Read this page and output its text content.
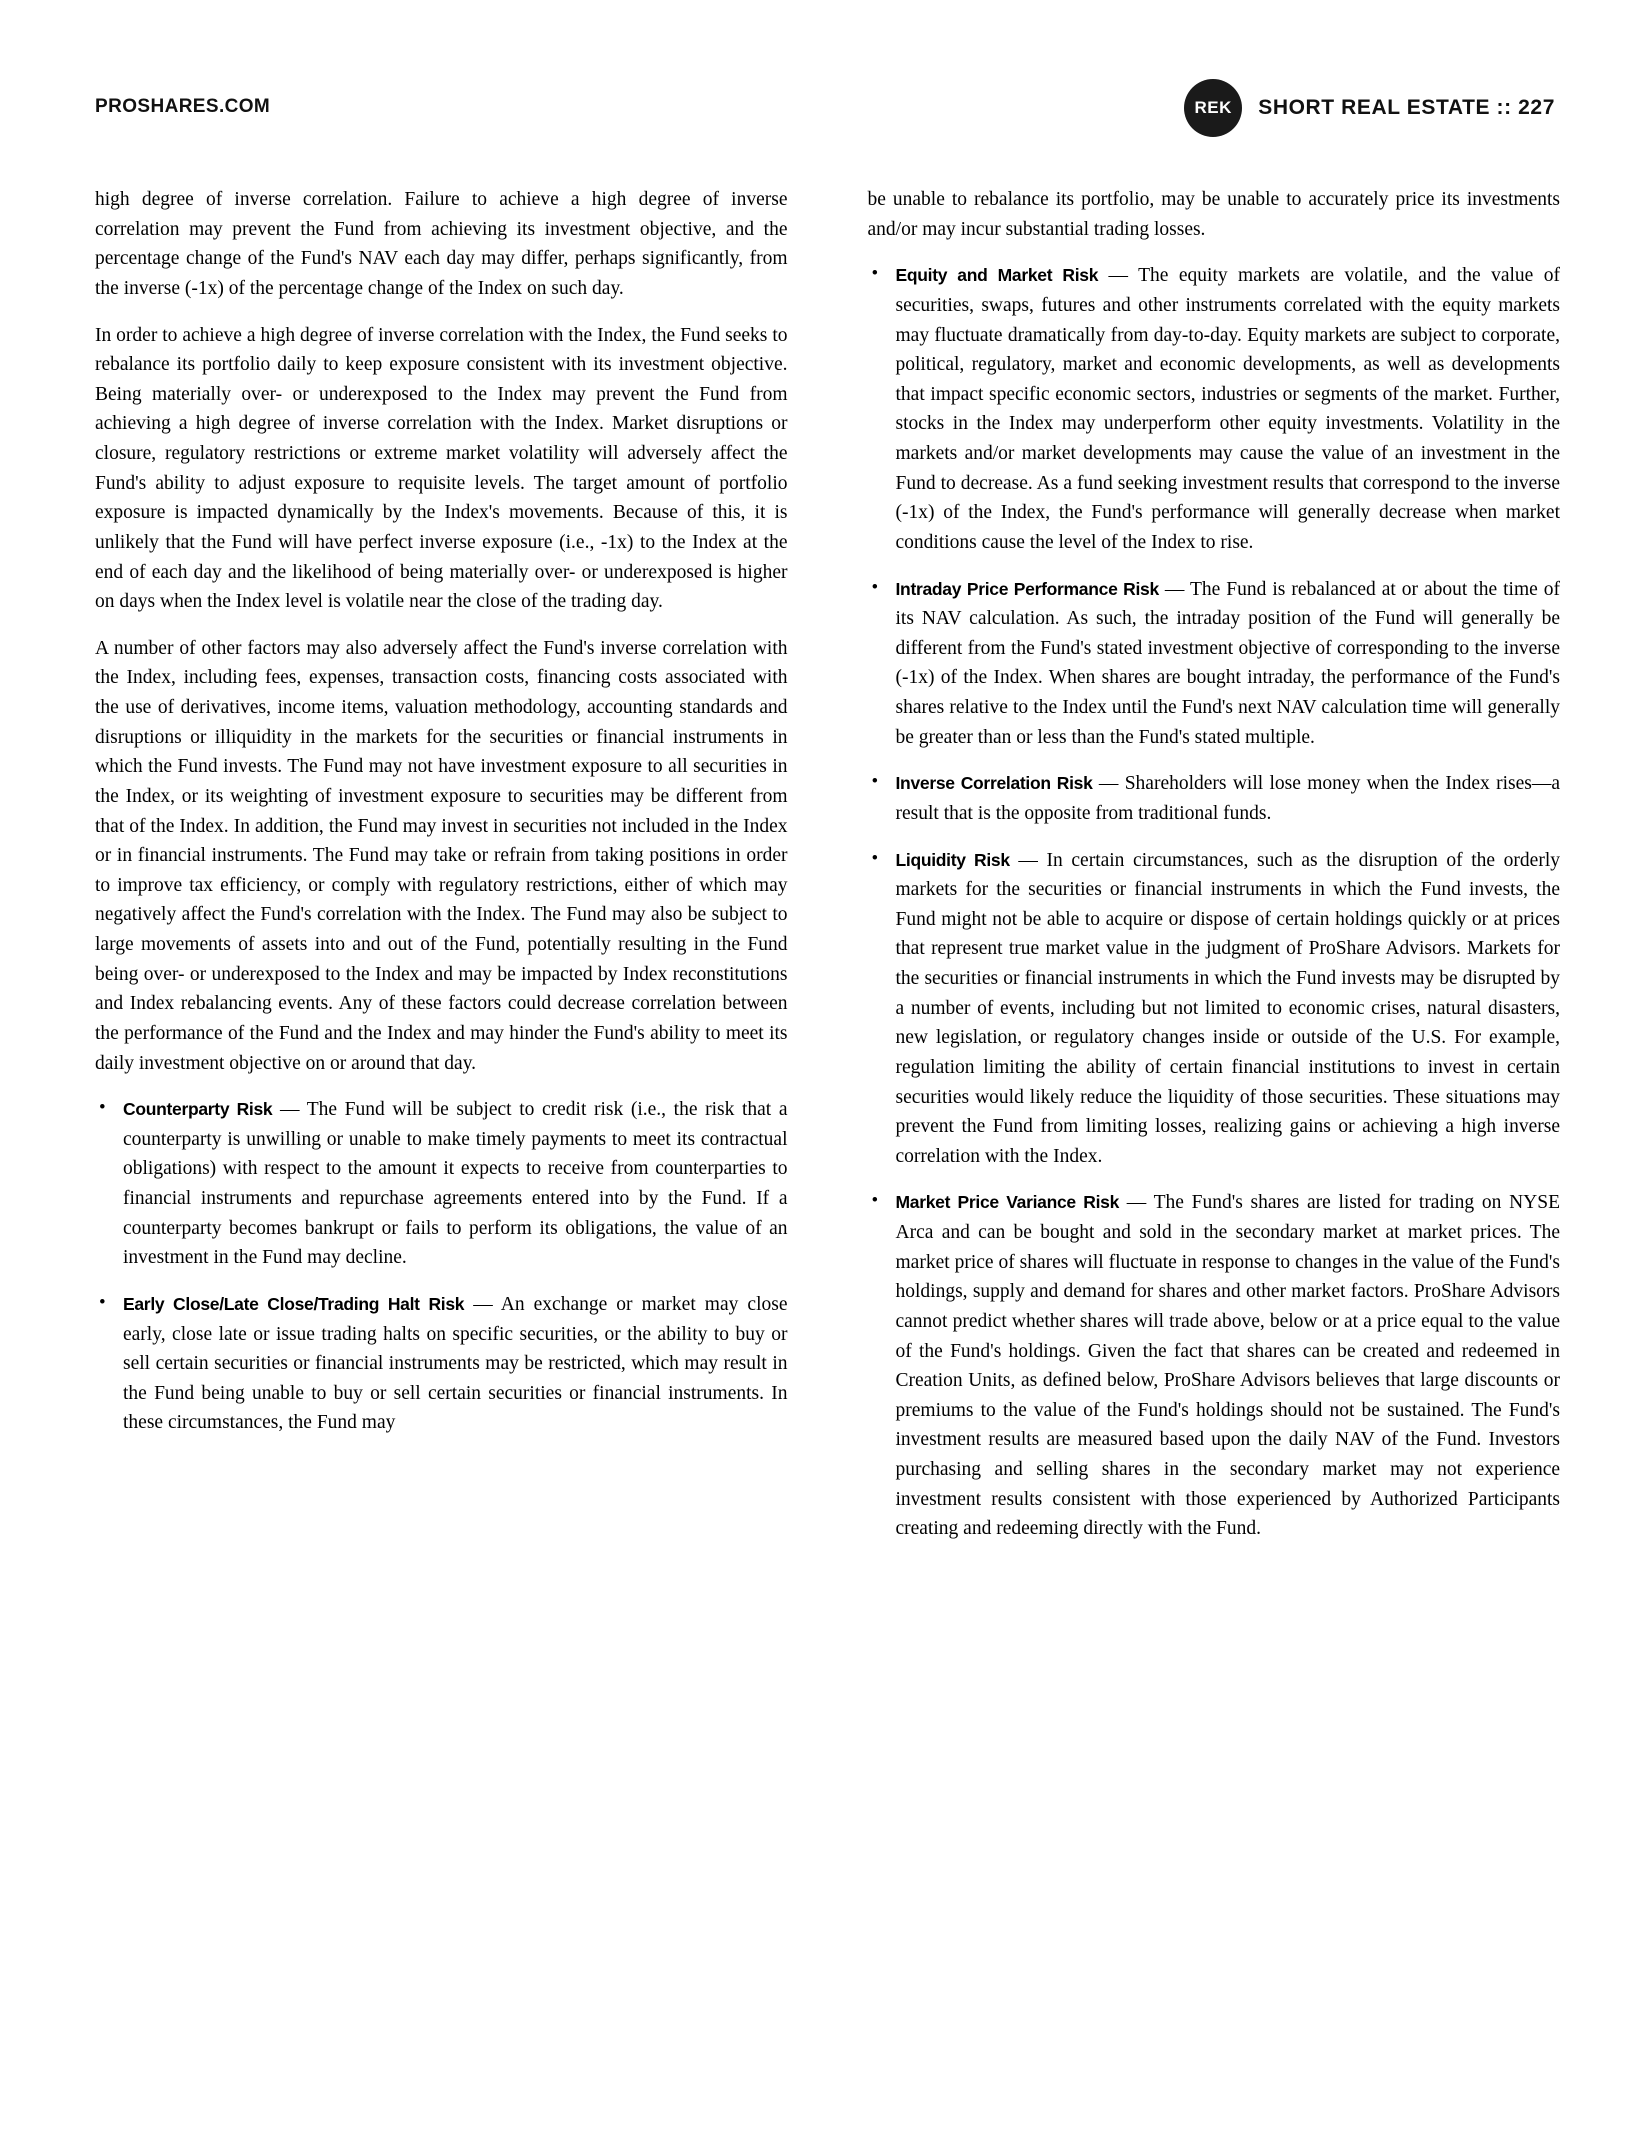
PROSHARES.COM	REK	SHORT REAL ESTATE :: 227

high degree of inverse correlation. Failure to achieve a high degree of inverse correlation may prevent the Fund from achieving its investment objective, and the percentage change of the Fund's NAV each day may differ, perhaps significantly, from the inverse (-1x) of the percentage change of the Index on such day.

In order to achieve a high degree of inverse correlation with the Index, the Fund seeks to rebalance its portfolio daily to keep exposure consistent with its investment objective. Being materially over- or underexposed to the Index may prevent the Fund from achieving a high degree of inverse correlation with the Index. Market disruptions or closure, regulatory restrictions or extreme market volatility will adversely affect the Fund's ability to adjust exposure to requisite levels. The target amount of portfolio exposure is impacted dynamically by the Index's movements. Because of this, it is unlikely that the Fund will have perfect inverse exposure (i.e., -1x) to the Index at the end of each day and the likelihood of being materially over- or underexposed is higher on days when the Index level is volatile near the close of the trading day.

A number of other factors may also adversely affect the Fund's inverse correlation with the Index, including fees, expenses, transaction costs, financing costs associated with the use of derivatives, income items, valuation methodology, accounting standards and disruptions or illiquidity in the markets for the securities or financial instruments in which the Fund invests. The Fund may not have investment exposure to all securities in the Index, or its weighting of investment exposure to securities may be different from that of the Index. In addition, the Fund may invest in securities not included in the Index or in financial instruments. The Fund may take or refrain from taking positions in order to improve tax efficiency, or comply with regulatory restrictions, either of which may negatively affect the Fund's correlation with the Index. The Fund may also be subject to large movements of assets into and out of the Fund, potentially resulting in the Fund being over- or underexposed to the Index and may be impacted by Index reconstitutions and Index rebalancing events. Any of these factors could decrease correlation between the performance of the Fund and the Index and may hinder the Fund's ability to meet its daily investment objective on or around that day.

• Counterparty Risk — The Fund will be subject to credit risk (i.e., the risk that a counterparty is unwilling or unable to make timely payments to meet its contractual obligations) with respect to the amount it expects to receive from counterparties to financial instruments and repurchase agreements entered into by the Fund. If a counterparty becomes bankrupt or fails to perform its obligations, the value of an investment in the Fund may decline.
• Early Close/Late Close/Trading Halt Risk — An exchange or market may close early, close late or issue trading halts on specific securities, or the ability to buy or sell certain securities or financial instruments may be restricted, which may result in the Fund being unable to buy or sell certain securities or financial instruments. In these circumstances, the Fund may

be unable to rebalance its portfolio, may be unable to accurately price its investments and/or may incur substantial trading losses.

• Equity and Market Risk — The equity markets are volatile, and the value of securities, swaps, futures and other instruments correlated with the equity markets may fluctuate dramatically from day-to-day. Equity markets are subject to corporate, political, regulatory, market and economic developments, as well as developments that impact specific economic sectors, industries or segments of the market. Further, stocks in the Index may underperform other equity investments. Volatility in the markets and/or market developments may cause the value of an investment in the Fund to decrease. As a fund seeking investment results that correspond to the inverse (-1x) of the Index, the Fund's performance will generally decrease when market conditions cause the level of the Index to rise.
• Intraday Price Performance Risk — The Fund is rebalanced at or about the time of its NAV calculation. As such, the intraday position of the Fund will generally be different from the Fund's stated investment objective of corresponding to the inverse (-1x) of the Index. When shares are bought intraday, the performance of the Fund's shares relative to the Index until the Fund's next NAV calculation time will generally be greater than or less than the Fund's stated multiple.
• Inverse Correlation Risk — Shareholders will lose money when the Index rises—a result that is the opposite from traditional funds.
• Liquidity Risk — In certain circumstances, such as the disruption of the orderly markets for the securities or financial instruments in which the Fund invests, the Fund might not be able to acquire or dispose of certain holdings quickly or at prices that represent true market value in the judgment of ProShare Advisors. Markets for the securities or financial instruments in which the Fund invests may be disrupted by a number of events, including but not limited to economic crises, natural disasters, new legislation, or regulatory changes inside or outside of the U.S. For example, regulation limiting the ability of certain financial institutions to invest in certain securities would likely reduce the liquidity of those securities. These situations may prevent the Fund from limiting losses, realizing gains or achieving a high inverse correlation with the Index.
• Market Price Variance Risk — The Fund's shares are listed for trading on NYSE Arca and can be bought and sold in the secondary market at market prices. The market price of shares will fluctuate in response to changes in the value of the Fund's holdings, supply and demand for shares and other market factors. ProShare Advisors cannot predict whether shares will trade above, below or at a price equal to the value of the Fund's holdings. Given the fact that shares can be created and redeemed in Creation Units, as defined below, ProShare Advisors believes that large discounts or premiums to the value of the Fund's holdings should not be sustained. The Fund's investment results are measured based upon the daily NAV of the Fund. Investors purchasing and selling shares in the secondary market may not experience investment results consistent with those experienced by Authorized Participants creating and redeeming directly with the Fund.
